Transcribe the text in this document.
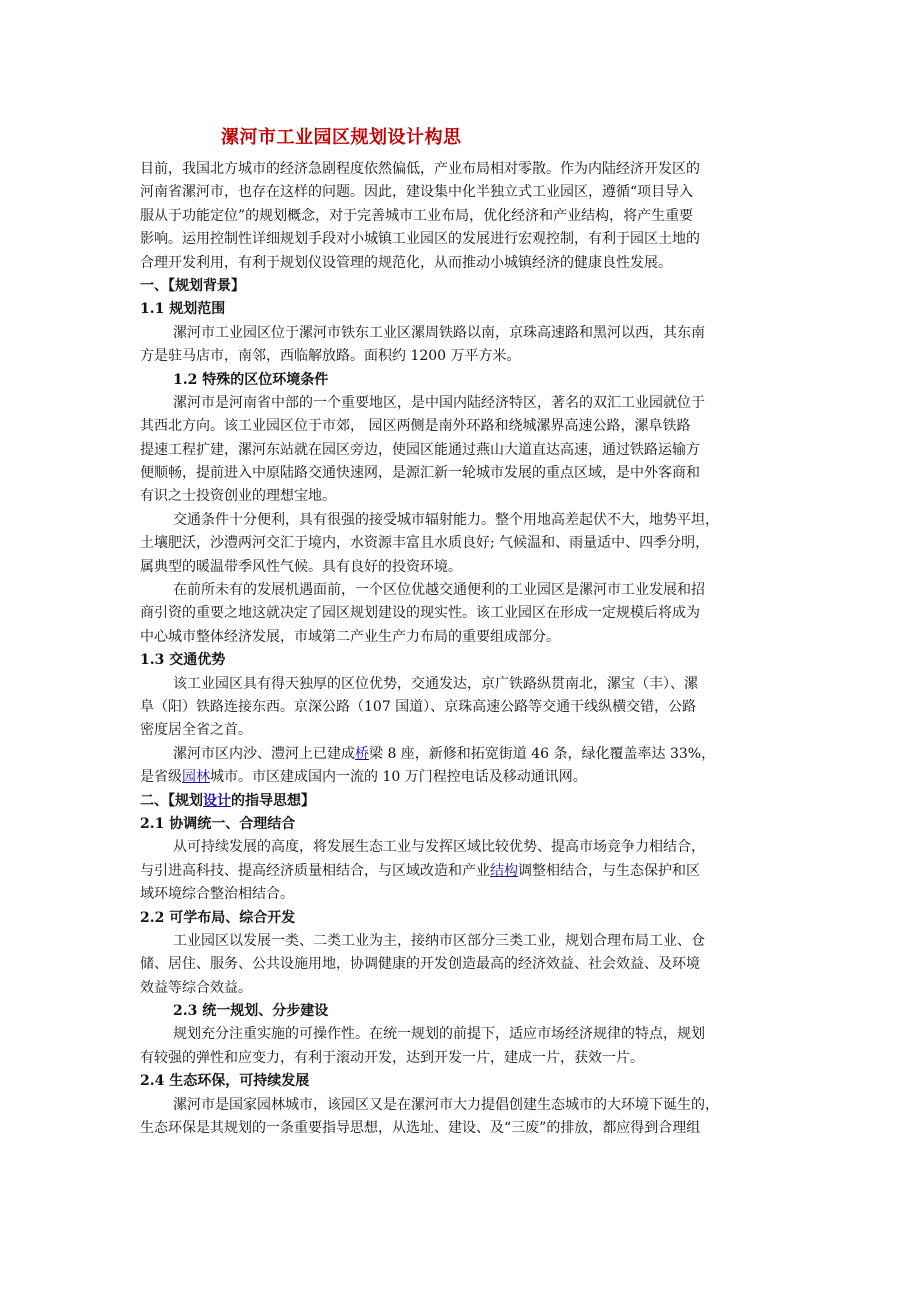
漯河市工业园区规划设计构思
目前，我国北方城市的经济急剧程度依然偏低，产业布局相对零散。作为内陆经济开发区的
河南省漯河市，也存在这样的问题。因此，建设集中化半独立式工业园区，遵循“项目导入
服从于功能定位”的规划概念，对于完善城市工业布局，优化经济和产业结构，将产生重要
影响。运用控制性详细规划手段对小城镇工业园区的发展进行宏观控制，有利于园区土地的
合理开发利用，有利于规划仪设管理的规范化，从而推动小城镇经济的健康良性发展。
一、【规划背景】
1.1 规划范围
漯河市工业园区位于漯河市铁东工业区漯周铁路以南，京珠高速路和黑河以西，其东南
方是驻马店市，南邻，西临解放路。面积约 1200 万平方米。
1.2 特殊的区位环境条件
漯河市是河南省中部的一个重要地区，是中国内陆经济特区，著名的双汇工业园就位于
其西北方向。该工业园区位于市郊， 园区两侧是南外环路和绕城漯界高速公路，漯阜铁路
提速工程扩建，漯河东站就在园区旁边，使园区能通过燕山大道直达高速，通过铁路运输方
便顺畅，提前进入中原陆路交通快速网，是源汇新一轮城市发展的重点区域，是中外客商和
有识之士投资创业的理想宝地。
交通条件十分便利，具有很强的接受城市辐射能力。整个用地高差起伏不大，地势平坦，
土壤肥沃，沙澧两河交汇于境内，水资源丰富且水质良好; 气候温和、雨量适中、四季分明，
属典型的暖温带季风性气候。具有良好的投资环境。
在前所未有的发展机遇面前，一个区位优越交通便利的工业园区是漯河市工业发展和招
商引资的重要之地这就决定了园区规划建设的现实性。该工业园区在形成一定规模后将成为
中心城市整体经济发展，市域第二产业生产力布局的重要组成部分。
1.3 交通优势
该工业园区具有得天独厚的区位优势，交通发达，京广铁路纵贯南北，漯宝（丰）、漯
阜（阳）铁路连接东西。京深公路（107 国道）、京珠高速公路等交通干线纵横交错，公路
密度居全省之首。
漯河市区内沙、澧河上已建成桥梁 8 座，新修和拓宽街道 46 条，绿化覆盖率达 33%，
是省级园林城市。市区建成国内一流的 10 万门程控电话及移动通讯网。
二、【规划设计的指导思想】
2.1 协调统一、合理结合
从可持续发展的高度，将发展生态工业与发挥区域比较优势、提高市场竞争力相结合，
与引进高科技、提高经济质量相结合，与区域改造和产业结构调整相结合，与生态保护和区
域环境综合整治相结合。
2.2 可学布局、综合开发
工业园区以发展一类、二类工业为主，接纳市区部分三类工业，规划合理布局工业、仓
储、居住、服务、公共设施用地，协调健康的开发创造最高的经济效益、社会效益、及环境
效益等综合效益。
2.3 统一规划、分步建设
规划充分注重实施的可操作性。在统一规划的前提下，适应市场经济规律的特点，规划
有较强的弹性和应变力，有利于滚动开发，达到开发一片，建成一片，获效一片。
2.4 生态环保，可持续发展
漯河市是国家园林城市，该园区又是在漯河市大力提倡创建生态城市的大环境下诞生的，
生态环保是其规划的一条重要指导思想，从选址、建设、及“三废”的排放，都应得到合理组
